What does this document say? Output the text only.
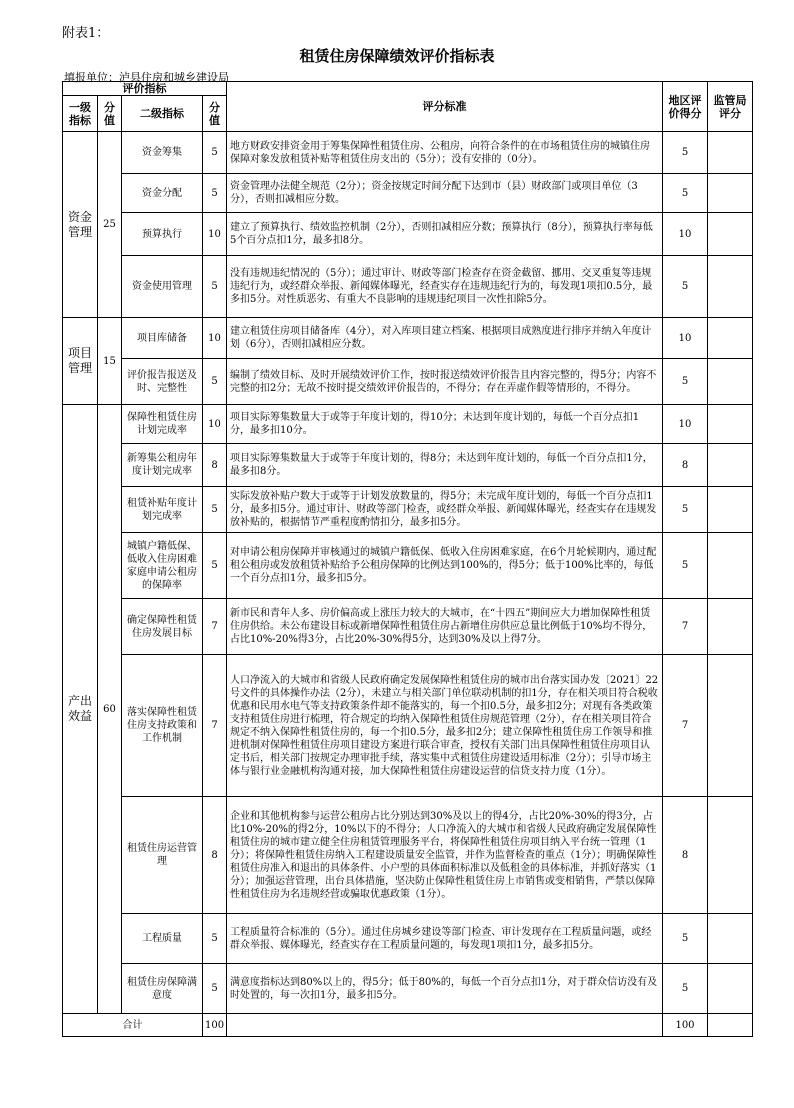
附表1：
租赁住房保障绩效评价指标表
填报单位：泸县住房和城乡建设局
评价指标				评分标准	地区评价得分	监管局评分
一级指标	分值	二级指标	分值			
资金管理	25	资金筹集	5	地方财政安排资金用于筹集保障性租赁住房、公租房，向符合条件的在市场租赁住房的城镇住房保障对象发放租赁补贴等租赁住房支出的（5分）；没有安排的（0分）。	5	
		资金分配	5	资金管理办法健全规范（2分）；资金按规定时间分配下达到市（县）财政部门或项目单位（3分），否则扣减相应分数。	5	
		预算执行	10	建立了预算执行、绩效监控机制（2分），否则扣减相应分数；预算执行（8分），预算执行率每低5个百分点扣1分，最多扣8分。	10	
		资金使用管理	5	没有违规违纪情况的（5分）；通过审计、财政等部门检查存在资金截留、挪用、交叉重复等违规违纪行为，或经群众举报、新闻媒体曝光，经查实存在违规违纪行为的，每发现1项扣0.5分，最多扣5分。对性质恶劣、有重大不良影响的违规违纪项目一次性扣除5分。	5	
项目管理	15	项目库储备	10	建立租赁住房项目储备库（4分），对入库项目建立档案、根据项目成熟度进行排序并纳入年度计划（6分），否则扣减相应分数。	10	
		评价报告报送及时、完整性	5	编制了绩效目标、及时开展绩效评价工作，按时报送绩效评价报告且内容完整的，得5分；内容不完整的扣2分；无故不按时提交绩效评价报告的，不得分；存在弄虚作假等情形的，不得分。	5	
产出效益	60	保障性租赁住房计划完成率	10	项目实际筹集数量大于或等于年度计划的，得10分；未达到年度计划的，每低一个百分点扣1分，最多扣10分。	10	
		新筹集公租房年度计划完成率	8	项目实际筹集数量大于或等于年度计划的，得8分；未达到年度计划的，每低一个百分点扣1分，最多扣8分。	8	
		租赁补贴年度计划完成率	5	实际发放补贴户数大于或等于计划发放数量的，得5分；未完成年度计划的，每低一个百分点扣1分，最多扣5分。通过审计、财政等部门检查，或经群众举报、新闻媒体曝光，经查实存在违规发放补贴的，根据情节严重程度酌情扣分，最多扣5分。	5	
		城镇户籍低保、低收入住房困难家庭申请公租房的保障率	5	对申请公租房保障并审核通过的城镇户籍低保、低收入住房困难家庭，在6个月轮候期内，通过配租公租房或发放租赁补贴给予公租房保障的比例达到100%的，得5分；低于100%比率的，每低一个百分点扣1分，最多扣5分。	5	
		确定保障性租赁住房发展目标	7	新市民和青年人多、房价偏高或上涨压力较大的大城市，在“十四五”期间应大力增加保障性租赁住房供给。未公布建设目标或新增保障性租赁住房占新增住房供应总量比例低于10%均不得分，占比10%-20%得3分，占比20%-30%得5分，达到30%及以上得7分。	7	
		落实保障性租赁住房支持政策和工作机制	7	人口净流入的大城市和省级人民政府确定发展保障性租赁住房的城市出台落实国办发〔2021〕22号文件的具体操作办法（2分），未建立与相关部门单位联动机制的扣1分，存在相关项目符合税收优惠和民用水电气等支持政策条件却不能落实的，每一个扣0.5分，最多扣2分；对现有各类政策支持租赁住房进行梳理，符合规定的均纳入保障性租赁住房规范管理（2分），存在相关项目符合规定不纳入保障性租赁住房的，每一个扣0.5分，最多扣2分；建立保障性租赁住房工作领导和推进机制对保障性租赁住房项目建设方案进行联合审查，授权有关部门出具保障性租赁住房项目认定书后，相关部门按规定办理审批手续，落实集中式租赁住房建设适用标准（2分）；引导市场主体与银行业金融机构沟通对接，加大保障性租赁住房建设运营的信贷支持力度（1分）。	7	
		租赁住房运营管理	8	企业和其他机构参与运营公租房占比分别达到30%及以上的得4分，占比20%-30%的得3分，占比10%-20%的得2分，10%以下的不得分；人口净流入的大城市和省级人民政府确定发展保障性租赁住房的城市建立健全住房租赁管理服务平台，将保障性租赁住房项目纳入平台统一管理（1分）；将保障性租赁住房纳入工程建设质量安全监管，并作为监督检查的重点（1分）；明确保障性租赁住房准入和退出的具体条件、小户型的具体面积标准以及低租金的具体标准，并抓好落实（1分）；加强运营管理，出台具体措施，坚决防止保障性租赁住房上市销售或变相销售，严禁以保障性租赁住房为名违规经营或骗取优惠政策（1分）。	8	
		工程质量	5	工程质量符合标准的（5分）。通过住房城乡建设等部门检查、审计发现存在工程质量问题，或经群众举报、媒体曝光，经查实存在工程质量问题的，每发现1项扣1分，最多扣5分。	5	
		租赁住房保障满意度	5	满意度指标达到80%以上的，得5分；低于80%的，每低一个百分点扣1分，对于群众信访没有及时处置的，每一次扣1分，最多扣5分。	5	
合计			100		100	
